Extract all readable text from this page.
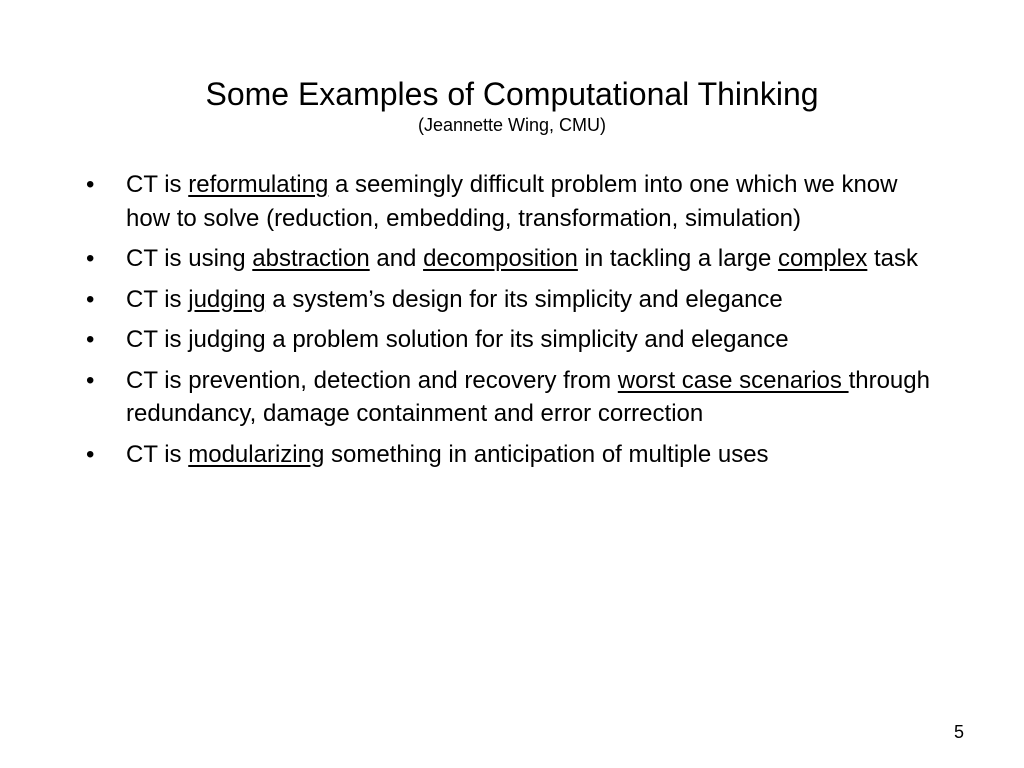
Some Examples of Computational Thinking
(Jeannette Wing, CMU)
• CT is reformulating a seemingly difficult problem into one which we know how to solve (reduction, embedding, transformation, simulation)
• CT is using abstraction and decomposition in tackling a large complex task
• CT is judging a system’s design for its simplicity and elegance
• CT is judging a problem solution for its simplicity and elegance
• CT is prevention, detection and recovery from worst case scenarios through redundancy, damage containment and error correction
• CT is modularizing something in anticipation of multiple uses
5
